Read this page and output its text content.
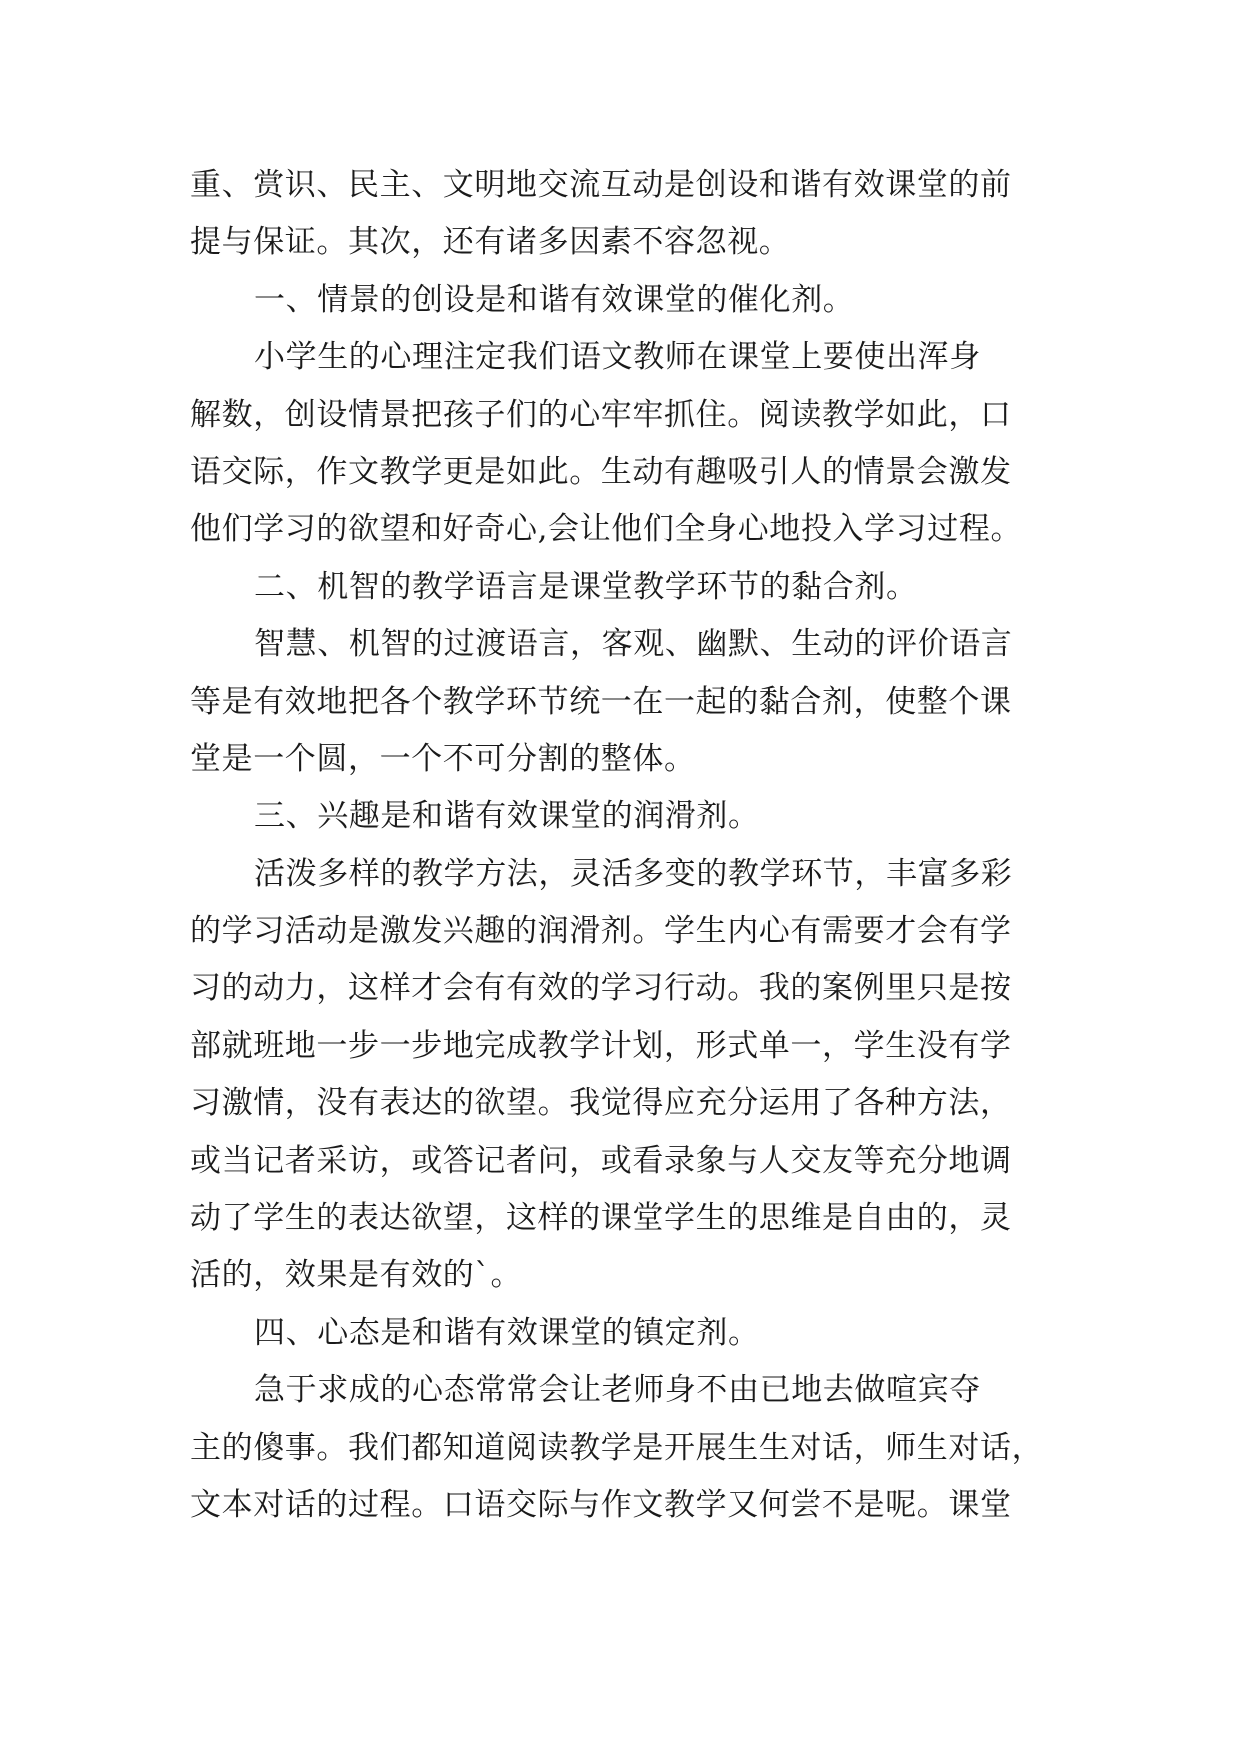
重、赏识、民主、文明地交流互动是创设和谐有效课堂的前
提与保证。其次，还有诸多因素不容忽视。
一、情景的创设是和谐有效课堂的催化剂。
小学生的心理注定我们语文教师在课堂上要使出浑身
解数，创设情景把孩子们的心牢牢抓住。阅读教学如此，口
语交际，作文教学更是如此。生动有趣吸引人的情景会激发
他们学习的欲望和好奇心,会让他们全身心地投入学习过程。
二、机智的教学语言是课堂教学环节的黏合剂。
智慧、机智的过渡语言，客观、幽默、生动的评价语言
等是有效地把各个教学环节统一在一起的黏合剂，使整个课
堂是一个圆，一个不可分割的整体。
三、兴趣是和谐有效课堂的润滑剂。
活泼多样的教学方法，灵活多变的教学环节，丰富多彩
的学习活动是激发兴趣的润滑剂。学生内心有需要才会有学
习的动力，这样才会有有效的学习行动。我的案例里只是按
部就班地一步一步地完成教学计划，形式单一，学生没有学
习激情，没有表达的欲望。我觉得应充分运用了各种方法，
或当记者采访，或答记者问，或看录象与人交友等充分地调
动了学生的表达欲望，这样的课堂学生的思维是自由的，灵
活的，效果是有效的`。
四、心态是和谐有效课堂的镇定剂。
急于求成的心态常常会让老师身不由已地去做喧宾夺
主的傻事。我们都知道阅读教学是开展生生对话，师生对话，
文本对话的过程。口语交际与作文教学又何尝不是呢。课堂
